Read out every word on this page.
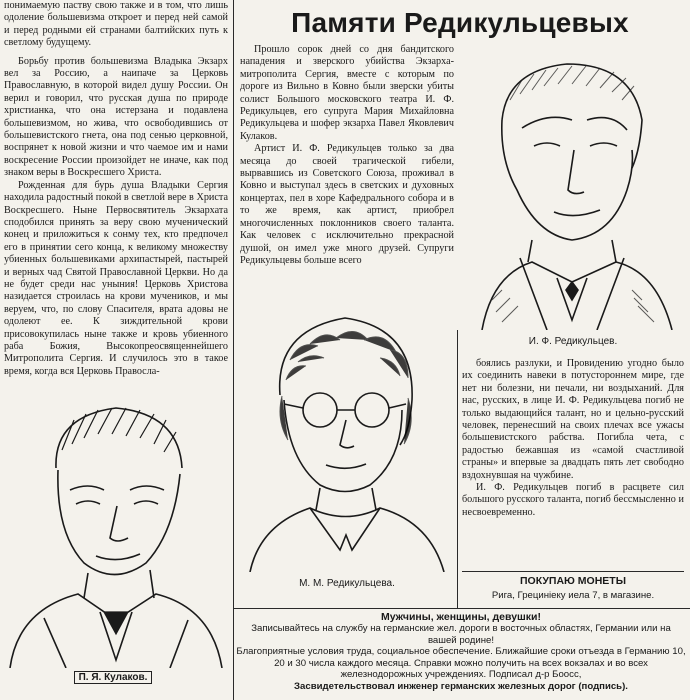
Памяти Редикульцевых

понимаемую паству свою также и в том, что лишь одоление большевизма откроет и перед ней самой и перед родными ей странами балтийских путь к светлому будущему.

Борьбу против большевизма Владыка Экзарх вел за Россию, а наипаче за Церковь Православную, в которой видел душу России. Он верил и говорил, что русская душа по природе христианка, что она истерзана и подавлена большевизмом, но жива, что освободившись от большевистского гнета, она под сенью церковной, воспрянет к новой жизни и что чаемое им и нами воскресение России произойдет не иначе, как под знаком веры в Воскресшего Христа.

Рожденная для бурь душа Владыки Сергия находила радостный покой в светлой вере в Христа Воскресшего. Ныне Первосвятитель Экзархата сподобился принять за веру свою мученический конец и приложиться к сонму тех, кто предпочел его в принятии сего конца, к великому множеству убиенных большевиками архипастырей, пастырей и верных чад Святой Православной Церкви. Но да не будет среди нас уныния! Церковь Христова назидается строилась на крови мучеников, и мы веруем, что, по слову Спасителя, врата адовы не одолеют ее. К зиждительной крови присовокупилась ныне также и кровь убиенного раба Божия, Высокопреосвященнейшего Митрополита Сергия. И случилось это в такое время, когда вся Церковь Правосла-

Прошло сорок дней со дня бандитского нападения и зверского убийства Экзарха-митрополита Сергия, вместе с которым по дороге из Вильно в Ковно были зверски убиты солист Большого московского театра И. Ф. Редикульцев, его супруга Мария Михайловна Редикульцева и шофер экзарха Павел Яковлевич Кулаков.

Артист И. Ф. Редикульцев только за два месяца до своей трагической гибели, вырвавшись из Советского Союза, проживал в Ковно и выступал здесь в светских и духовных концертах, пел в хоре Кафедрального собора и в то же время, как артист, приобрел многочисленных поклонников своего таланта. Как человек с исключительно прекрасной душой, он имел уже много друзей. Супруги Редикульцевы больше всего

боялись разлуки, и Провидению угодно было их соединить навеки в потустороннем мире, где нет ни болезни, ни печали, ни воздыханий. Для нас, русских, в лице И. Ф. Редикульцева погиб не только выдающийся талант, но и цельно-русский человек, перенесший на своих плечах все ужасы большевистского рабства. Погибла чета, с радостью бежавшая из «самой счастливой страны» и впервые за двадцать пять лет свободно вздохнувшая на чужбине.

И. Ф. Редикульцев погиб в расцвете сил большого русского таланта, погиб бессмысленно и несвоевременно.

И. Ф. Редикульцев.
М. М. Редикульцева.
П. Я. Кулаков.
ПОКУПАЮ МОНЕТЫ
Рига, Грецинieку иела 7, в магазине.
Мужчины, женщины, девушки!
Записывайтесь на службу на германские жел. дороги в восточных областях, Германии или на вашей родине!
Благоприятные условия труда, социальное обеспечение. Ближайшие сроки отъезда в Германию 10, 20 и 30 числа каждого месяца. Справки можно получить на всех вокзалах и во всех железнодорожных учреждениях. Подписал д-р Боосс,
Засвидетельствовал инженер германских железных дорог (подпись).
